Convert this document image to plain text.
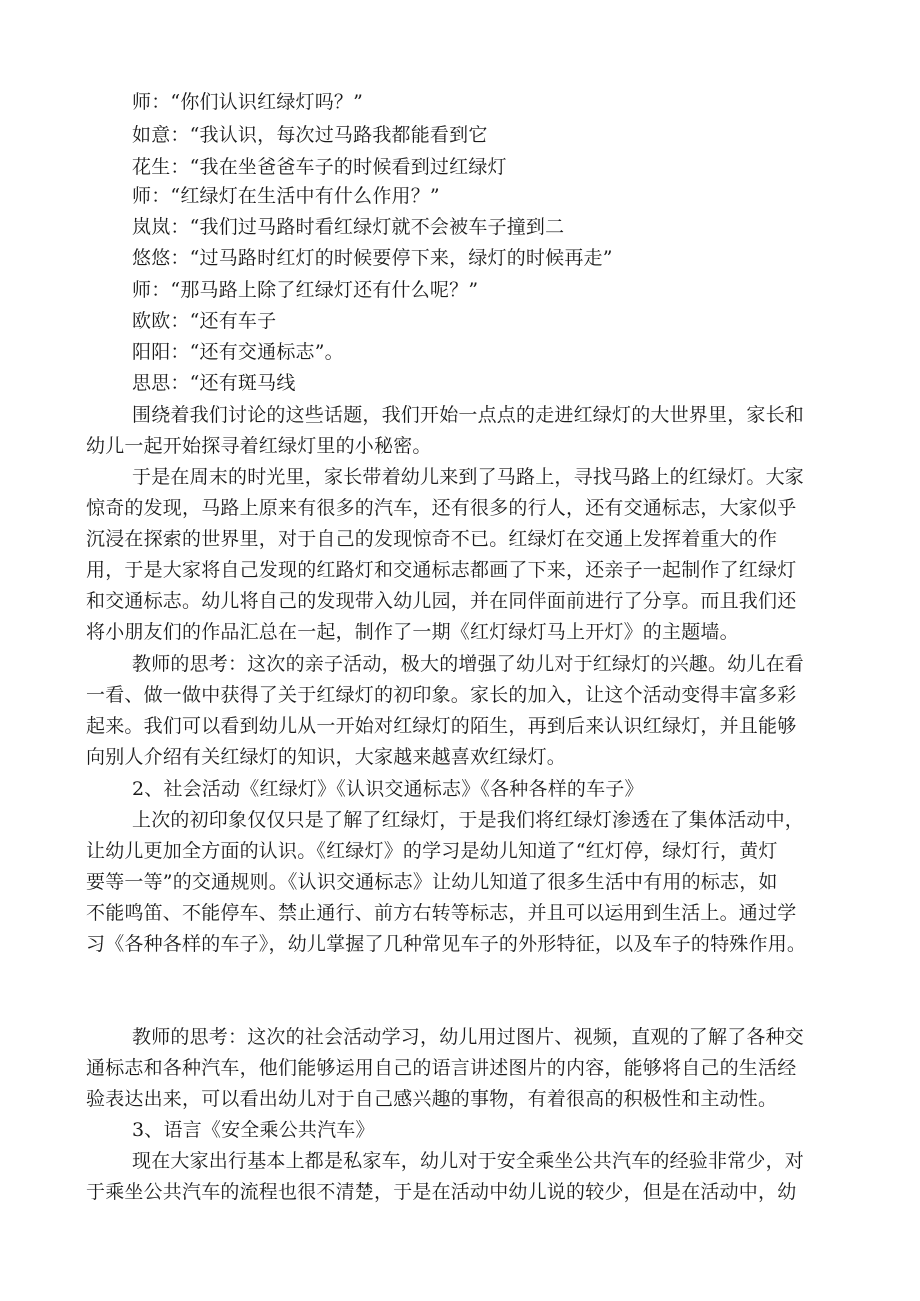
师：“你们认识红绿灯吗？”
如意：“我认识，每次过马路我都能看到它
花生：“我在坐爸爸车子的时候看到过红绿灯
师：“红绿灯在生活中有什么作用？”
岚岚：“我们过马路时看红绿灯就不会被车子撞到二
悠悠：“过马路时红灯的时候要停下来，绿灯的时候再走”
师：“那马路上除了红绿灯还有什么呢？”
欧欧：“还有车子
阳阳：“还有交通标志”。
思思：“还有斑马线
围绕着我们讨论的这些话题，我们开始一点点的走进红绿灯的大世界里，家长和
幼儿一起开始探寻着红绿灯里的小秘密。
于是在周末的时光里，家长带着幼儿来到了马路上，寻找马路上的红绿灯。大家
惊奇的发现，马路上原来有很多的汽车，还有很多的行人，还有交通标志，大家似乎
沉浸在探索的世界里，对于自己的发现惊奇不已。红绿灯在交通上发挥着重大的作
用，于是大家将自己发现的红路灯和交通标志都画了下来，还亲子一起制作了红绿灯
和交通标志。幼儿将自己的发现带入幼儿园，并在同伴面前进行了分享。而且我们还
将小朋友们的作品汇总在一起，制作了一期《红灯绿灯马上开灯》的主题墙。
教师的思考：这次的亲子活动，极大的增强了幼儿对于红绿灯的兴趣。幼儿在看
一看、做一做中获得了关于红绿灯的初印象。家长的加入，让这个活动变得丰富多彩
起来。我们可以看到幼儿从一开始对红绿灯的陌生，再到后来认识红绿灯，并且能够
向别人介绍有关红绿灯的知识，大家越来越喜欢红绿灯。
2、社会活动《红绿灯》《认识交通标志》《各种各样的车子》
上次的初印象仅仅只是了解了红绿灯，于是我们将红绿灯渗透在了集体活动中，
让幼儿更加全方面的认识。《红绿灯》的学习是幼儿知道了“红灯停，绿灯行，黄灯
要等一等”的交通规则。《认识交通标志》让幼儿知道了很多生活中有用的标志，如
不能鸣笛、不能停车、禁止通行、前方右转等标志，并且可以运用到生活上。通过学
习《各种各样的车子》，幼儿掌握了几种常见车子的外形特征，以及车子的特殊作用。
教师的思考：这次的社会活动学习，幼儿用过图片、视频，直观的了解了各种交
通标志和各种汽车，他们能够运用自己的语言讲述图片的内容，能够将自己的生活经
验表达出来，可以看出幼儿对于自己感兴趣的事物，有着很高的积极性和主动性。
3、语言《安全乘公共汽车》
现在大家出行基本上都是私家车，幼儿对于安全乘坐公共汽车的经验非常少，对
于乘坐公共汽车的流程也很不清楚，于是在活动中幼儿说的较少，但是在活动中，幼
